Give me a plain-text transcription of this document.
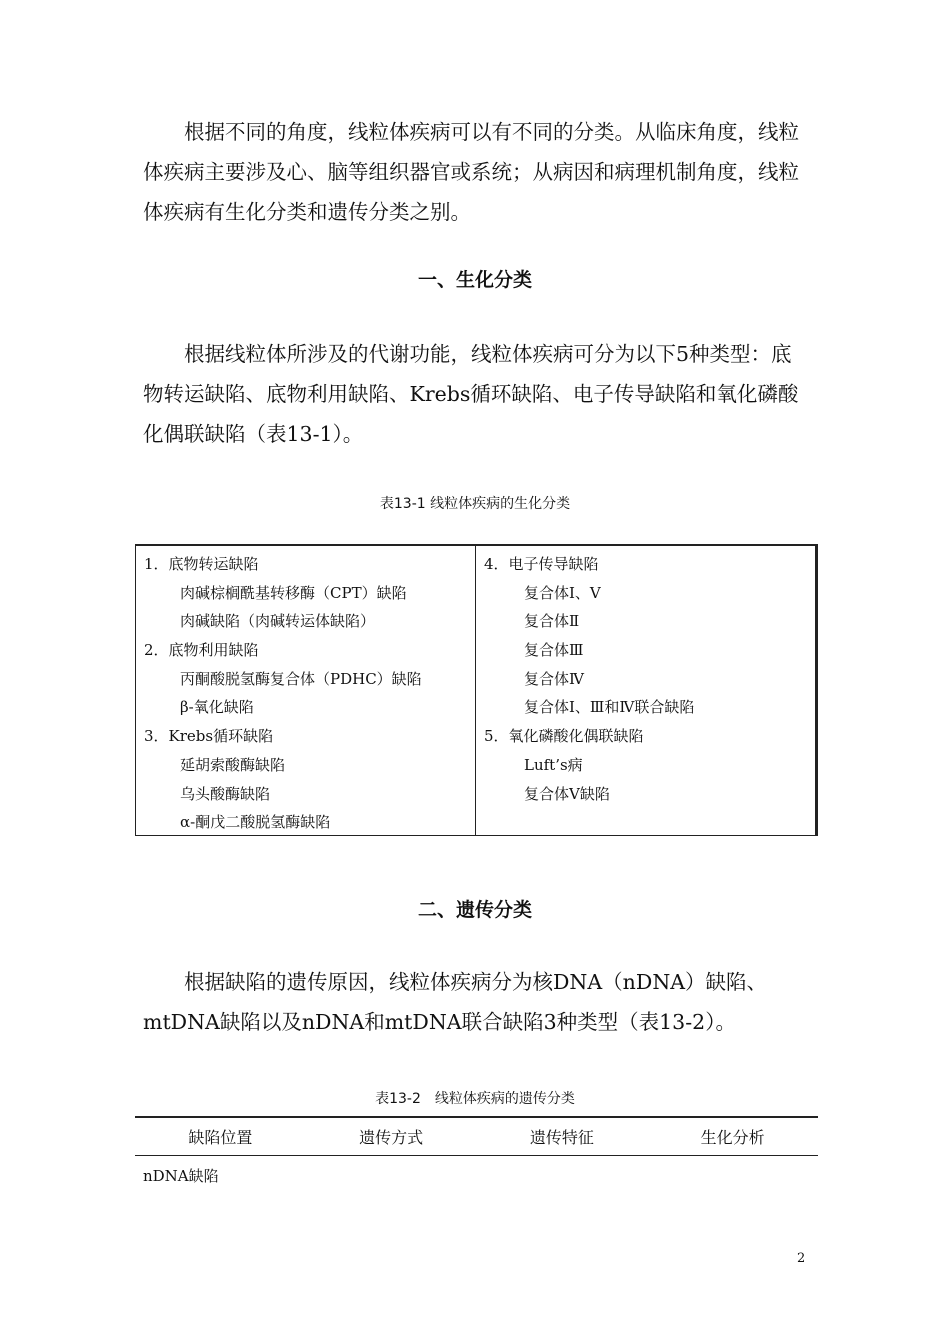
根据不同的角度，线粒体疾病可以有不同的分类。从临床角度，线粒体疾病主要涉及心、脑等组织器官或系统；从病因和病理机制角度，线粒体疾病有生化分类和遗传分类之别。

一、生化分类

根据线粒体所涉及的代谢功能，线粒体疾病可分为以下5种类型：底物转运缺陷、底物利用缺陷、Krebs循环缺陷、电子传导缺陷和氧化磷酸化偶联缺陷（表13-1）。

表13-1 线粒体疾病的生化分类
1．底物转运缺陷
肉碱棕榈酰基转移酶（CPT）缺陷
肉碱缺陷（肉碱转运体缺陷）
2．底物利用缺陷
丙酮酸脱氢酶复合体（PDHC）缺陷
β-氧化缺陷
3．Krebs循环缺陷
延胡索酸酶缺陷
乌头酸酶缺陷
α-酮戊二酸脱氢酶缺陷
4．电子传导缺陷
复合体Ⅰ、Ⅴ
复合体Ⅱ
复合体Ⅲ
复合体Ⅳ
复合体Ⅰ、Ⅲ和Ⅳ联合缺陷
5．氧化磷酸化偶联缺陷
Luft’s病
复合体Ⅴ缺陷
二、遗传分类

根据缺陷的遗传原因，线粒体疾病分为核DNA（nDNA）缺陷、mtDNA缺陷以及nDNA和mtDNA联合缺陷3种类型（表13-2）。

表13-2　线粒体疾病的遗传分类
缺陷位置	遗传方式	遗传特征	生化分析
nDNA缺陷
2
